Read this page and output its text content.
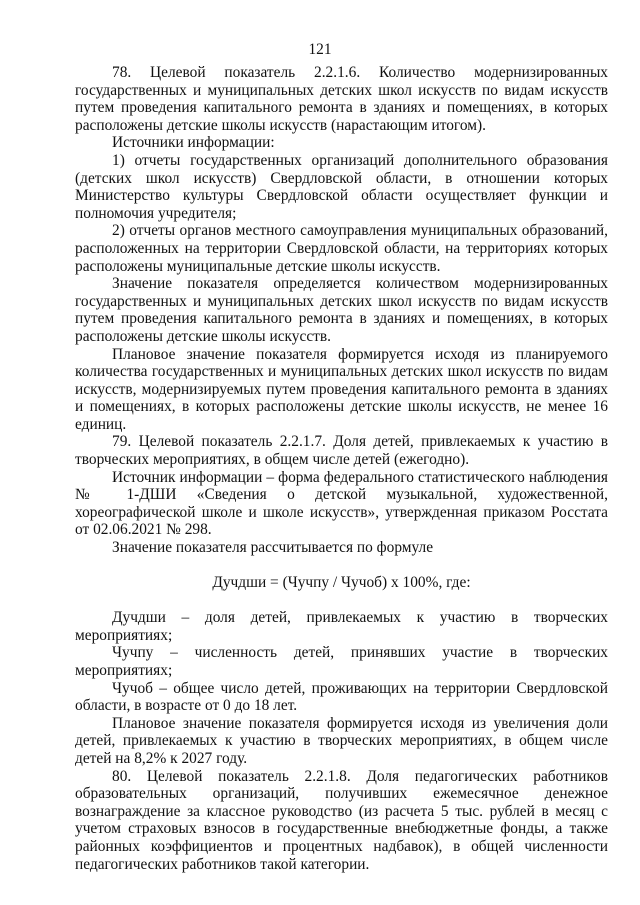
121

78. Целевой показатель 2.2.1.6. Количество модернизированных государственных и муниципальных детских школ искусств по видам искусств путем проведения капитального ремонта в зданиях и помещениях, в которых расположены детские школы искусств (нарастающим итогом).

Источники информации:

1) отчеты государственных организаций дополнительного образования (детских школ искусств) Свердловской области, в отношении которых Министерство культуры Свердловской области осуществляет функции и полномочия учредителя;

2) отчеты органов местного самоуправления муниципальных образований, расположенных на территории Свердловской области, на территориях которых расположены муниципальные детские школы искусств.

Значение показателя определяется количеством модернизированных государственных и муниципальных детских школ искусств по видам искусств путем проведения капитального ремонта в зданиях и помещениях, в которых расположены детские школы искусств.

Плановое значение показателя формируется исходя из планируемого количества государственных и муниципальных детских школ искусств по видам искусств, модернизируемых путем проведения капитального ремонта в зданиях и помещениях, в которых расположены детские школы искусств, не менее 16 единиц.

79. Целевой показатель 2.2.1.7. Доля детей, привлекаемых к участию в творческих мероприятиях, в общем числе детей (ежегодно).

Источник информации – форма федерального статистического наблюдения № 1-ДШИ «Сведения о детской музыкальной, художественной, хореографической школе и школе искусств», утвержденная приказом Росстата от 02.06.2021 № 298.

Значение показателя рассчитывается по формуле

Дучдши = (Чучпу / Чучоб) х 100%, где:

Дучдши – доля детей, привлекаемых к участию в творческих мероприятиях;

Чучпу – численность детей, принявших участие в творческих мероприятиях;

Чучоб – общее число детей, проживающих на территории Свердловской области, в возрасте от 0 до 18 лет.

Плановое значение показателя формируется исходя из увеличения доли детей, привлекаемых к участию в творческих мероприятиях, в общем числе детей на 8,2% к 2027 году.

80. Целевой показатель 2.2.1.8. Доля педагогических работников образовательных организаций, получивших ежемесячное денежное вознаграждение за классное руководство (из расчета 5 тыс. рублей в месяц с учетом страховых взносов в государственные внебюджетные фонды, а также районных коэффициентов и процентных надбавок), в общей численности педагогических работников такой категории.
